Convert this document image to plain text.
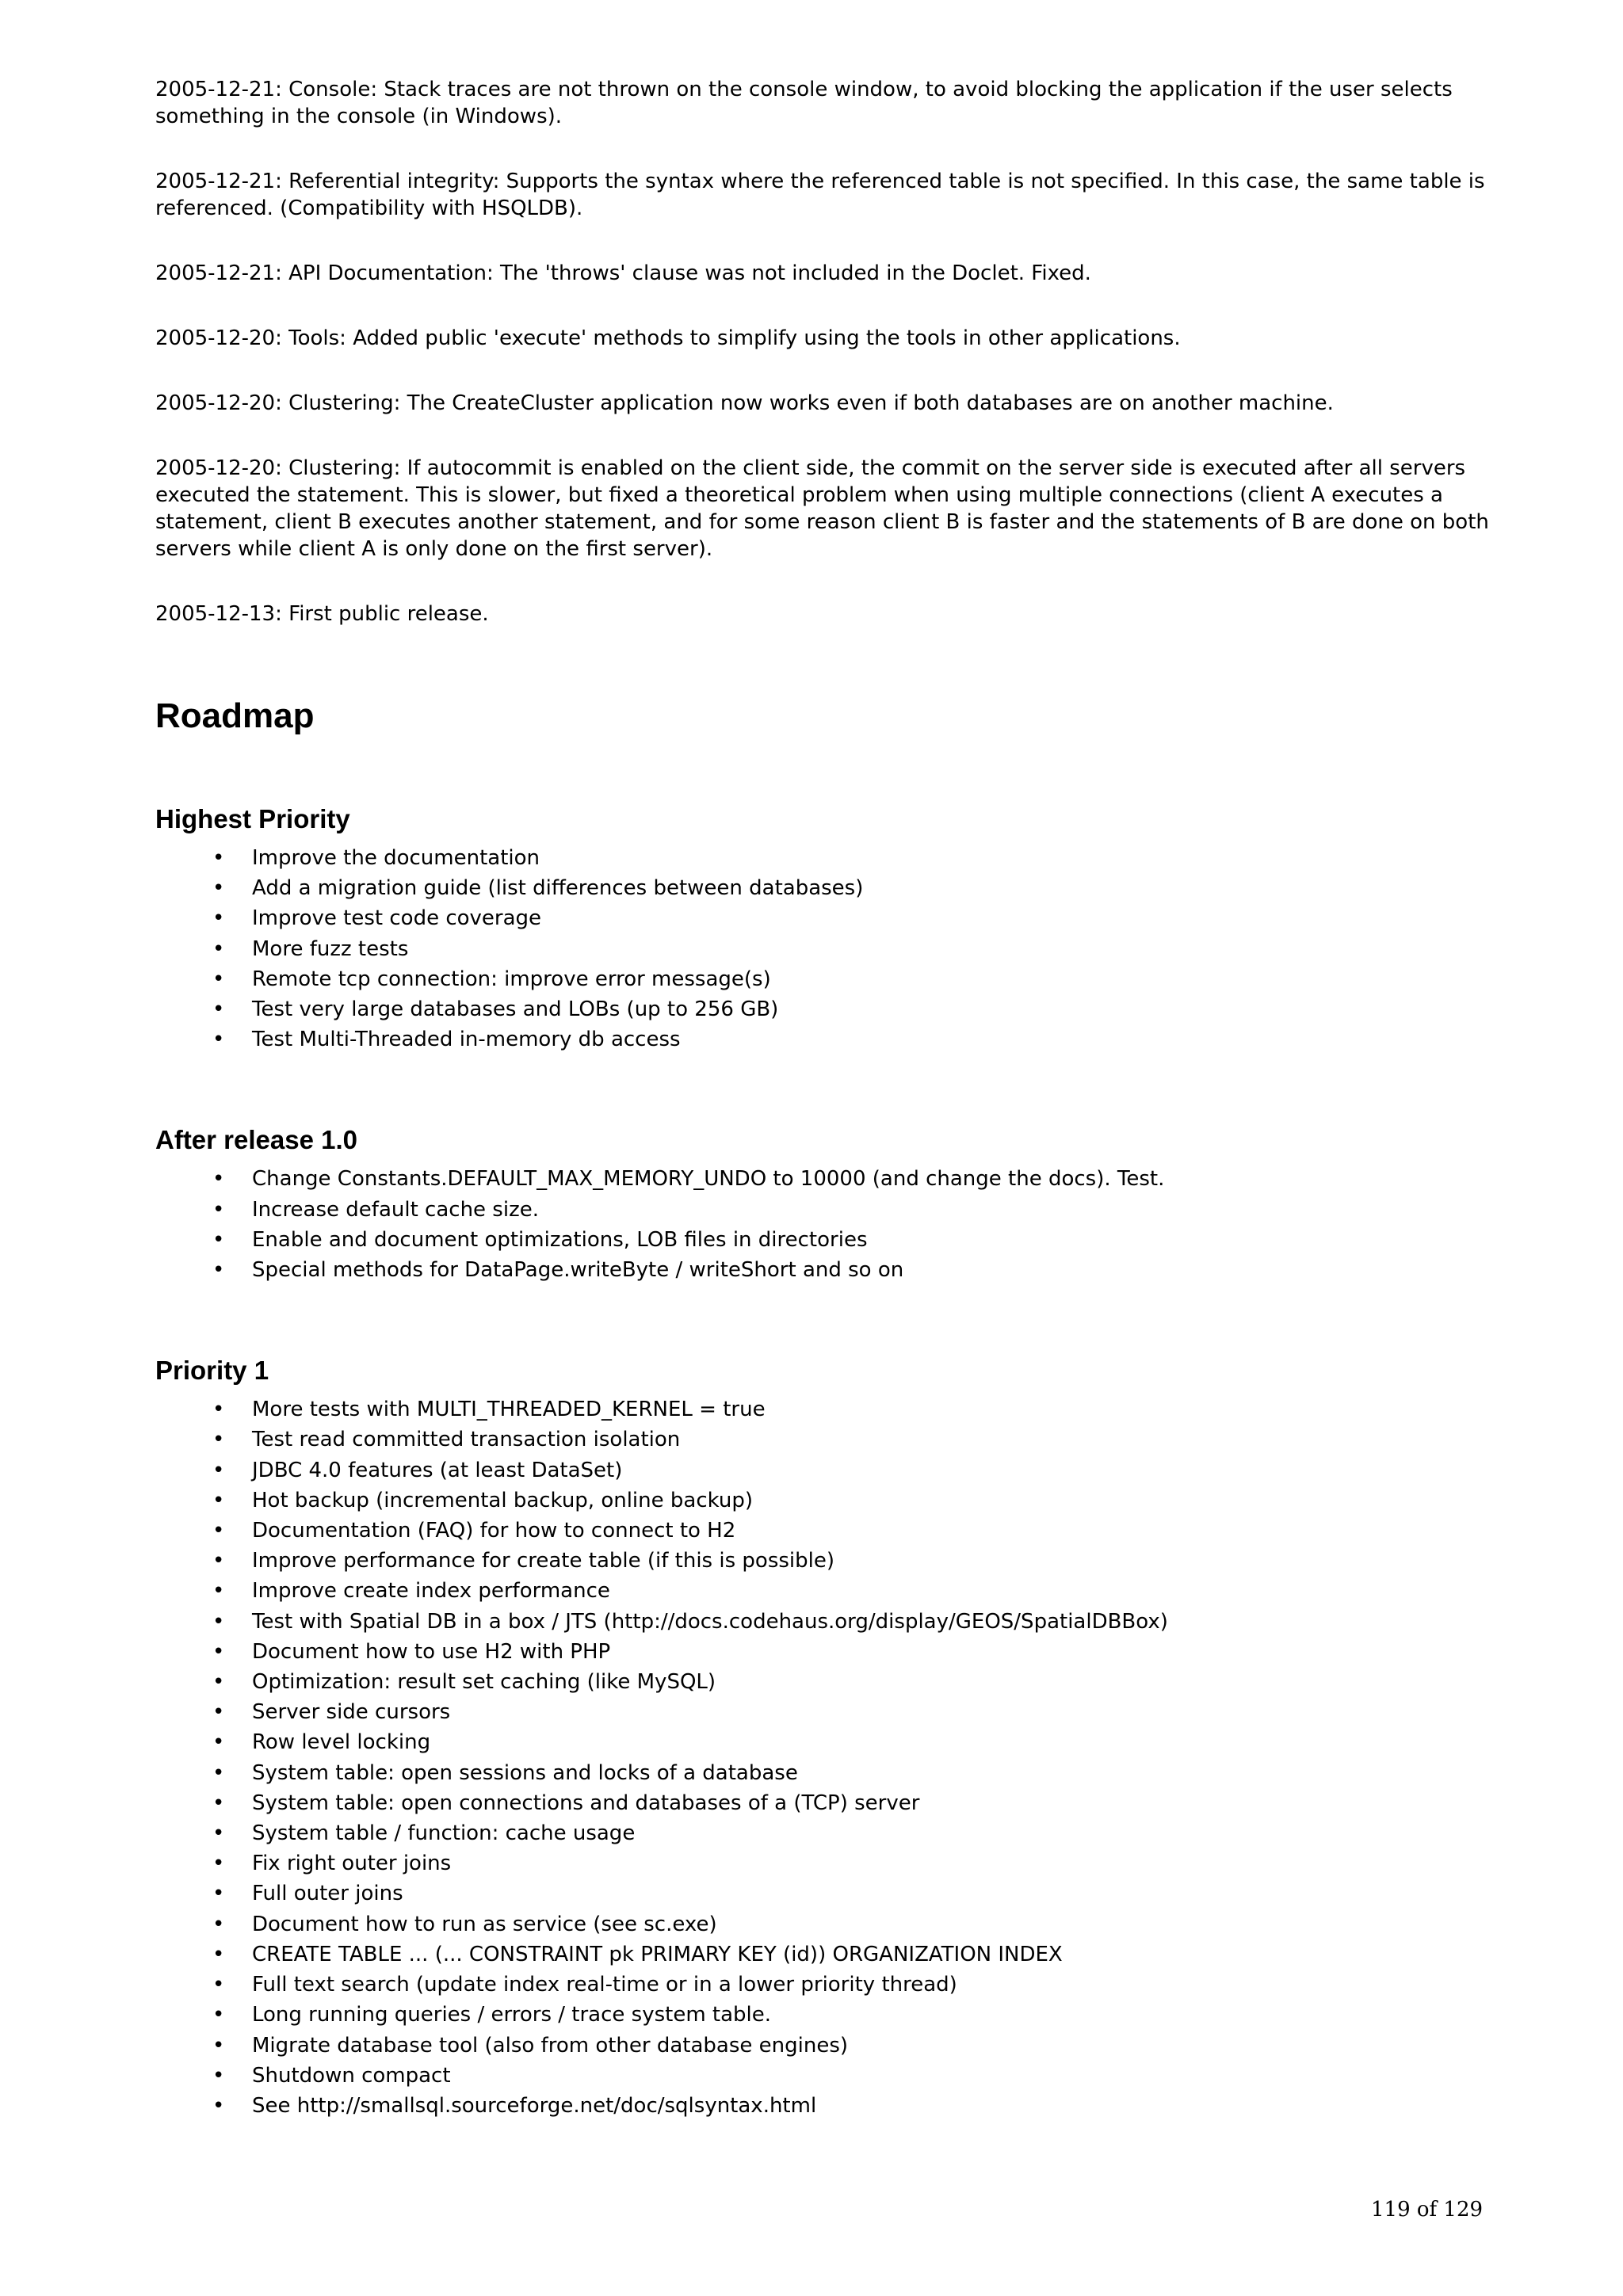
2005-12-21: Console: Stack traces are not thrown on the console window, to avoid blocking the application if the user selects something in the console (in Windows).

2005-12-21: Referential integrity: Supports the syntax where the referenced table is not specified. In this case, the same table is referenced. (Compatibility with HSQLDB).

2005-12-21: API Documentation: The 'throws' clause was not included in the Doclet. Fixed.

2005-12-20: Tools: Added public 'execute' methods to simplify using the tools in other applications.

2005-12-20: Clustering: The CreateCluster application now works even if both databases are on another machine.

2005-12-20: Clustering: If autocommit is enabled on the client side, the commit on the server side is executed after all servers executed the statement. This is slower, but fixed a theoretical problem when using multiple connections (client A executes a statement, client B executes another statement, and for some reason client B is faster and the statements of B are done on both servers while client A is only done on the first server).

2005-12-13: First public release.

Roadmap
Highest Priority
• Improve the documentation
• Add a migration guide (list differences between databases)
• Improve test code coverage
• More fuzz tests
• Remote tcp connection: improve error message(s)
• Test very large databases and LOBs (up to 256 GB)
• Test Multi-Threaded in-memory db access
After release 1.0
• Change Constants.DEFAULT_MAX_MEMORY_UNDO to 10000 (and change the docs). Test.
• Increase default cache size.
• Enable and document optimizations, LOB files in directories
• Special methods for DataPage.writeByte / writeShort and so on
Priority 1
• More tests with MULTI_THREADED_KERNEL = true
• Test read committed transaction isolation
• JDBC 4.0 features (at least DataSet)
• Hot backup (incremental backup, online backup)
• Documentation (FAQ) for how to connect to H2
• Improve performance for create table (if this is possible)
• Improve create index performance
• Test with Spatial DB in a box / JTS (http://docs.codehaus.org/display/GEOS/SpatialDBBox)
• Document how to use H2 with PHP
• Optimization: result set caching (like MySQL)
• Server side cursors
• Row level locking
• System table: open sessions and locks of a database
• System table: open connections and databases of a (TCP) server
• System table / function: cache usage
• Fix right outer joins
• Full outer joins
• Document how to run as service (see sc.exe)
• CREATE TABLE ... (... CONSTRAINT pk PRIMARY KEY (id)) ORGANIZATION INDEX
• Full text search (update index real-time or in a lower priority thread)
• Long running queries / errors / trace system table.
• Migrate database tool (also from other database engines)
• Shutdown compact
• See http://smallsql.sourceforge.net/doc/sqlsyntax.html
119 of 129
